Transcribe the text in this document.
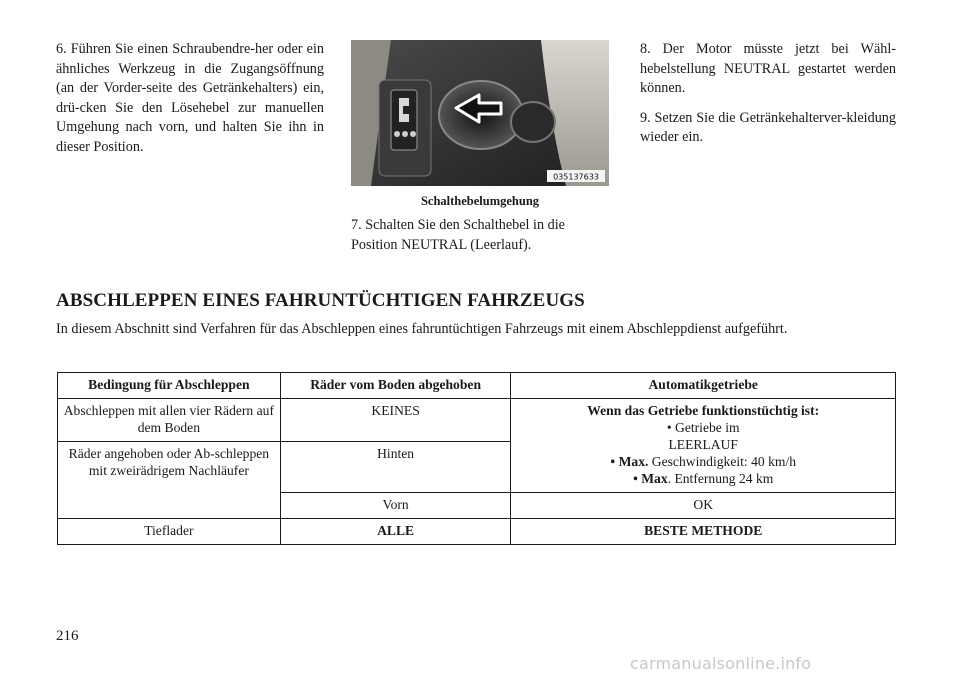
6. Führen Sie einen Schraubendre-her oder ein ähnliches Werkzeug in die Zugangsöffnung (an der Vorder-seite des Getränkehalters) ein, drü-cken Sie den Lösehebel zur manuellen Umgehung nach vorn, und halten Sie ihn in dieser Position.

035137633
Schalthebelumgehung

7. Schalten Sie den Schalthebel in die Position NEUTRAL (Leerlauf).

8. Der Motor müsste jetzt bei Wähl-hebelstellung NEUTRAL gestartet werden können.

9. Setzen Sie die Getränkehalterver-kleidung wieder ein.

ABSCHLEPPEN EINES FAHRUNTÜCHTIGEN FAHRZEUGS

In diesem Abschnitt sind Verfahren für das Abschleppen eines fahruntüchtigen Fahrzeugs mit einem Abschleppdienst aufgeführt.

Bedingung für Abschleppen	Räder vom Boden abgehoben	Automatikgetriebe
Abschleppen mit allen vier Rädern auf dem Boden	KEINES	Wenn das Getriebe funktionstüchtig ist:
• Getriebe im
LEERLAUF
• Max. Geschwindigkeit: 40 km/h
• Max. Entfernung 24 km

Räder angehoben oder Ab-schleppen mit zweirädrigem Nachläufer	Hinten	
	Vorn	OK
Tieflader	ALLE	BESTE METHODE
216
carmanualsonline.info
